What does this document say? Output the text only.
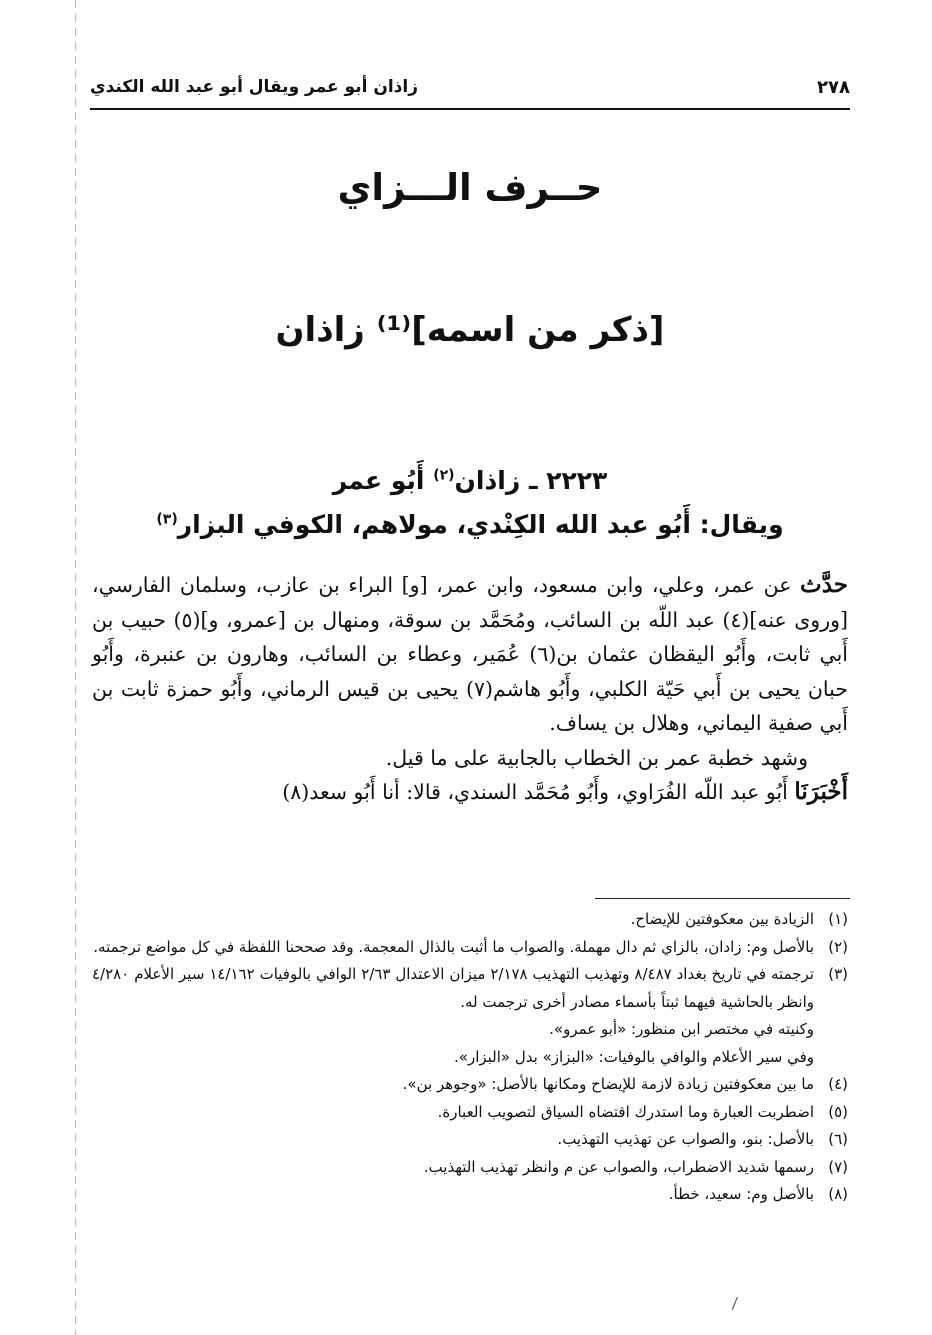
٢٧٨
زاذان أبو عمر ويقال أبو عبد الله الكندي
حــرف الـــزاي
[ذكر من اسمه]⁽¹⁾ زاذان
٢٢٢٣ ـ زاذان$^{(٢)}$ أَبُو عمر
ويقال: أَبُو عبد الله الكِنْدي، مولاهم، الكوفي البزار$^{(٣)}$

حدَّث عن عمر، وعلي، وابن مسعود، وابن عمر، [و] البراء بن عازب، وسلمان الفارسي، [وروى عنه](٤) عبد اللّه بن السائب، ومُحَمَّد بن سوقة، ومنهال بن [عمرو، و](٥) حبيب بن أَبي ثابت، وأَبُو اليقظان عثمان بن(٦) عُمَير، وعطاء بن السائب، وهارون بن عنبرة، وأَبُو حبان يحيى بن أَبي حَيّة الكلبي، وأَبُو هاشم(٧) يحيى بن قيس الرماني، وأَبُو حمزة ثابت بن أَبي صفية اليماني، وهلال بن يساف.

وشهد خطبة عمر بن الخطاب بالجابية على ما قيل.

أَخْبَرَنَا أَبُو عبد اللّه الفُرَاوي، وأَبُو مُحَمَّد السندي، قالا: أنا أَبُو سعد(٨)

(١)
الزيادة بين معكوفتين للإيضاح.
(٢)
بالأصل وم: زادان، بالزاي ثم دال مهملة. والصواب ما أثبت بالذال المعجمة. وقد صححنا اللفظة في كل مواضع ترجمته.
(٣)
ترجمته في تاريخ بغداد ٨/٤٨٧ وتهذيب التهذيب ٢/١٧٨ ميزان الاعتدال ٢/٦٣ الوافي بالوفيات ١٤/١٦٢ سير الأعلام ٤/٢٨٠ وانظر بالحاشية فيهما ثبتاً بأسماء مصادر أخرى ترجمت له.
وكنيته في مختصر ابن منظور: «أبو عمرو».
وفي سير الأعلام والوافي بالوفيات: «البزاز» بدل «البزار».
(٤)
ما بين معكوفتين زيادة لازمة للإيضاح ومكانها بالأصل: «وجوهر بن».
(٥)
اضطربت العبارة وما استدرك اقتضاه السياق لتصويب العبارة.
(٦)
بالأصل: بنو، والصواب عن تهذيب التهذيب.
(٧)
رسمها شديد الاضطراب، والصواب عن م وانظر تهذيب التهذيب.
(٨)
بالأصل وم: سعيد، خطأ.
